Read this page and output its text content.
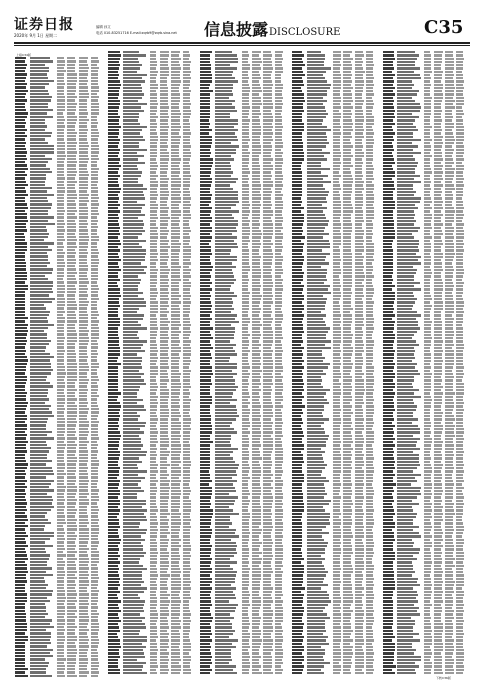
证券日报
2020年 9月 1日 星期二
编辑 孙文
电话 010-83251716 E-mail:zqrb9@zqrb.sina.net 信息披露DISCLOSURE	C35
上接C34版
下转C36版
